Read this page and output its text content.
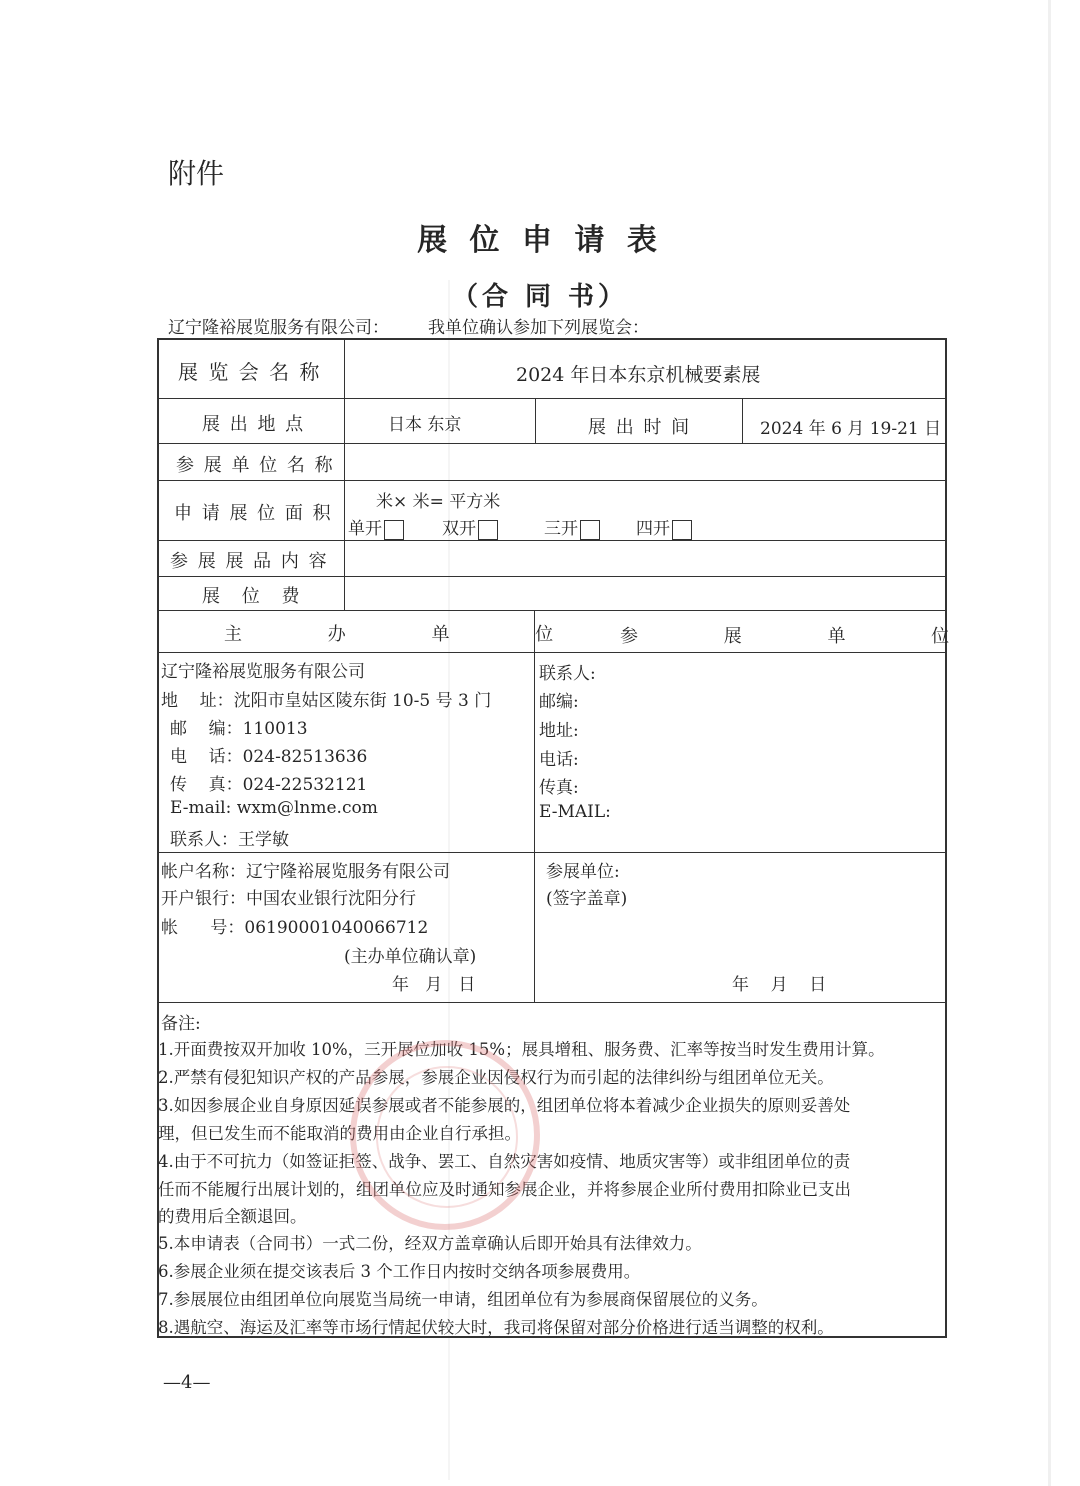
附件
展 位 申 请 表
（合 同 书）
辽宁隆裕展览服务有限公司： 我单位确认参加下列展览会：
展 览 会 名 称	2024 年日本东京机械要素展
展 出 地 点	日本 东京	展 出 时 间	2024 年 6 月 19-21 日
参 展 单 位 名 称
申 请 展 位 面 积
米× 米= 平方米
单开	双开	三开	四开
参 展 展 品 内 容
展 位 费
主 办 单 位 参 展 单 位
辽宁隆裕展览服务有限公司
地    址：沈阳市皇姑区陵东街 10-5 号 3 门
邮    编：110013
电    话：024-82513636
传    真：024-22532121
E-mail: wxm@lnme.com
联系人：王学敏
联系人:
邮编:
地址:
电话:
传真:
E-MAIL:
帐户名称：辽宁隆裕展览服务有限公司
开户银行：中国农业银行沈阳分行
帐      号：06190001040066712
(主办单位确认章)
年   月   日
参展单位:
(签字盖章)
年    月    日
备注:
1.开面费按双开加收 10%，三开展位加收 15%；展具增租、服务费、汇率等按当时发生费用计算。
2.严禁有侵犯知识产权的产品参展，参展企业因侵权行为而引起的法律纠纷与组团单位无关。
3.如因参展企业自身原因延误参展或者不能参展的，组团单位将本着减少企业损失的原则妥善处
理，但已发生而不能取消的费用由企业自行承担。
4.由于不可抗力（如签证拒签、战争、罢工、自然灾害如疫情、地质灾害等）或非组团单位的责
任而不能履行出展计划的，组团单位应及时通知参展企业，并将参展企业所付费用扣除业已支出
的费用后全额退回。
5.本申请表（合同书）一式二份，经双方盖章确认后即开始具有法律效力。
6.参展企业须在提交该表后 3 个工作日内按时交纳各项参展费用。
7.参展展位由组团单位向展览当局统一申请，组团单位有为参展商保留展位的义务。
8.遇航空、海运及汇率等市场行情起伏较大时，我司将保留对部分价格进行适当调整的权利。
—4—
